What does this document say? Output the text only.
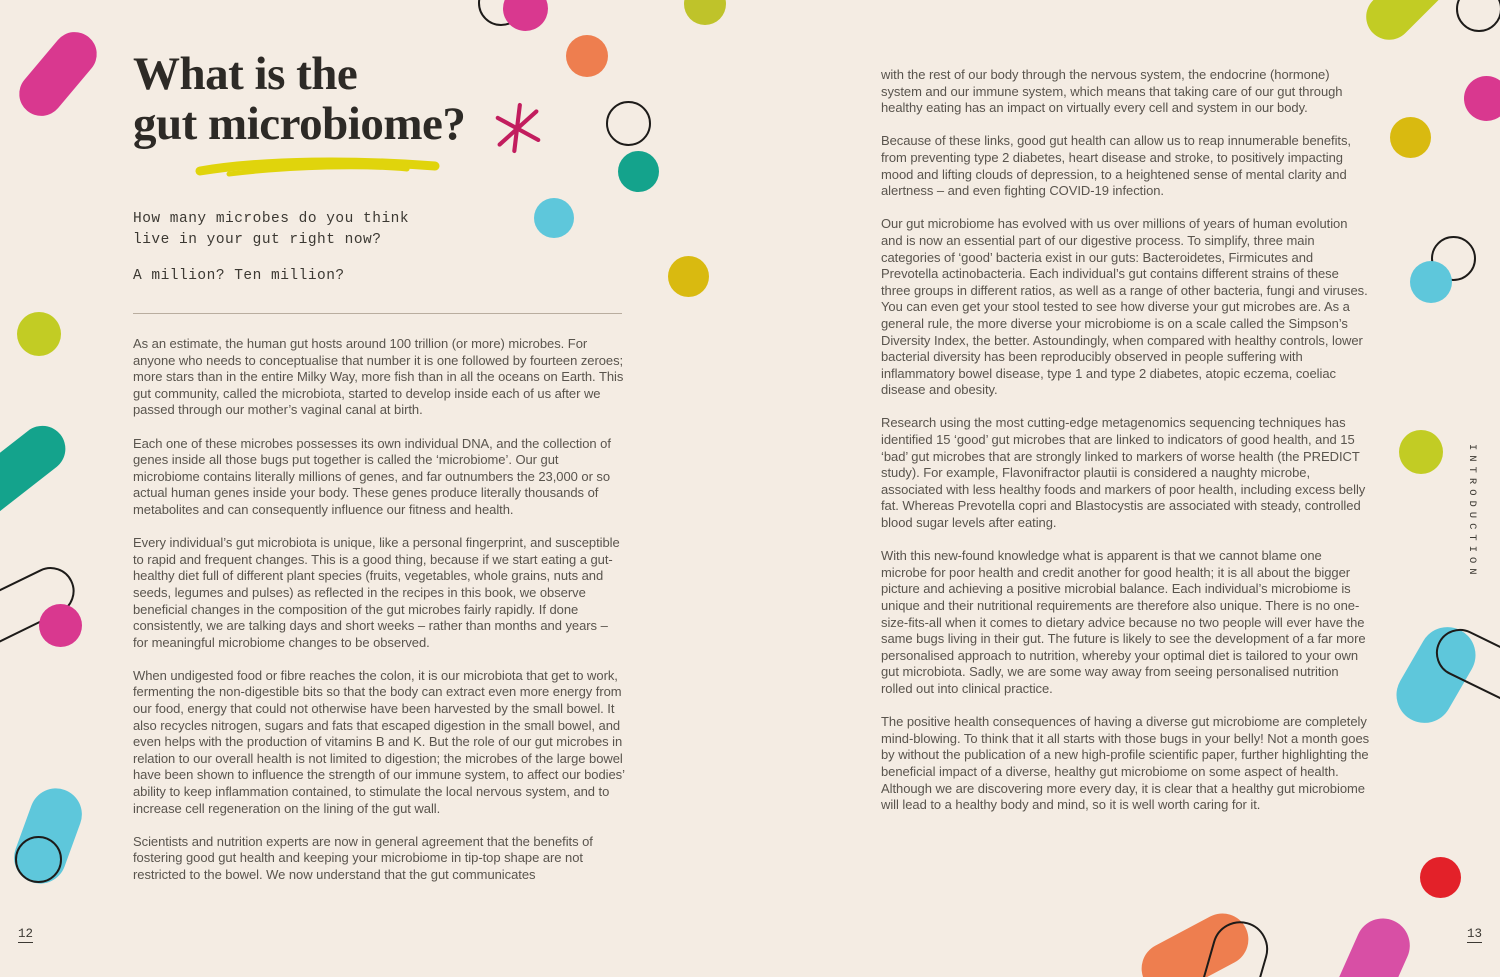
What is the
gut microbiome?

How many microbes do you think
live in your gut right now?

A million? Ten million?

As an estimate, the human gut hosts around 100 trillion (or more) microbes. For anyone who needs to conceptualise that number it is one followed by fourteen zeroes; more stars than in the entire Milky Way, more fish than in all the oceans on Earth. This gut community, called the microbiota, started to develop inside each of us after we passed through our mother’s vaginal canal at birth.

Each one of these microbes possesses its own individual DNA, and the collection of genes inside all those bugs put together is called the ‘microbiome’. Our gut microbiome contains literally millions of genes, and far outnumbers the 23,000 or so actual human genes inside your body. These genes produce literally thousands of metabolites and can consequently influence our fitness and health.

Every individual’s gut microbiota is unique, like a personal fingerprint, and susceptible to rapid and frequent changes. This is a good thing, because if we start eating a gut-healthy diet full of different plant species (fruits, vegetables, whole grains, nuts and seeds, legumes and pulses) as reflected in the recipes in this book, we observe beneficial changes in the composition of the gut microbes fairly rapidly. If done consistently, we are talking days and short weeks – rather than months and years – for meaningful microbiome changes to be observed.

When undigested food or fibre reaches the colon, it is our microbiota that get to work, fermenting the non-digestible bits so that the body can extract even more energy from our food, energy that could not otherwise have been harvested by the small bowel. It also recycles nitrogen, sugars and fats that escaped digestion in the small bowel, and even helps with the production of vitamins B and K. But the role of our gut microbes in relation to our overall health is not limited to digestion; the microbes of the large bowel have been shown to influence the strength of our immune system, to affect our bodies’ ability to keep inflammation contained, to stimulate the local nervous system, and to increase cell regeneration on the lining of the gut wall.

Scientists and nutrition experts are now in general agreement that the benefits of fostering good gut health and keeping your microbiome in tip-top shape are not restricted to the bowel. We now understand that the gut communicates

12

with the rest of our body through the nervous system, the endocrine (hormone) system and our immune system, which means that taking care of our gut through healthy eating has an impact on virtually every cell and system in our body.

Because of these links, good gut health can allow us to reap innumerable benefits, from preventing type 2 diabetes, heart disease and stroke, to positively impacting mood and lifting clouds of depression, to a heightened sense of mental clarity and alertness – and even fighting COVID-19 infection.

Our gut microbiome has evolved with us over millions of years of human evolution and is now an essential part of our digestive process. To simplify, three main categories of ‘good’ bacteria exist in our guts: Bacteroidetes, Firmicutes and Prevotella actinobacteria. Each individual’s gut contains different strains of these three groups in different ratios, as well as a range of other bacteria, fungi and viruses. You can even get your stool tested to see how diverse your gut microbes are. As a general rule, the more diverse your microbiome is on a scale called the Simpson’s Diversity Index, the better. Astoundingly, when compared with healthy controls, lower bacterial diversity has been reproducibly observed in people suffering with inflammatory bowel disease, type 1 and type 2 diabetes, atopic eczema, coeliac disease and obesity.

Research using the most cutting-edge metagenomics sequencing techniques has identified 15 ‘good’ gut microbes that are linked to indicators of good health, and 15 ‘bad’ gut microbes that are strongly linked to markers of worse health (the PREDICT study). For example, Flavonifractor plautii is considered a naughty microbe, associated with less healthy foods and markers of poor health, including excess belly fat. Whereas Prevotella copri and Blastocystis are associated with steady, controlled blood sugar levels after eating.

With this new-found knowledge what is apparent is that we cannot blame one microbe for poor health and credit another for good health; it is all about the bigger picture and achieving a positive microbial balance. Each individual’s microbiome is unique and their nutritional requirements are therefore also unique. There is no one-size-fits-all when it comes to dietary advice because no two people will ever have the same bugs living in their gut. The future is likely to see the development of a far more personalised approach to nutrition, whereby your optimal diet is tailored to your own gut microbiota. Sadly, we are some way away from seeing personalised nutrition rolled out into clinical practice.

The positive health consequences of having a diverse gut microbiome are completely mind-blowing. To think that it all starts with those bugs in your belly! Not a month goes by without the publication of a new high-profile scientific paper, further highlighting the beneficial impact of a diverse, healthy gut microbiome on some aspect of health. Although we are discovering more every day, it is clear that a healthy gut microbiome will lead to a healthy body and mind, so it is well worth caring for it.

INTRODUCTION
13
